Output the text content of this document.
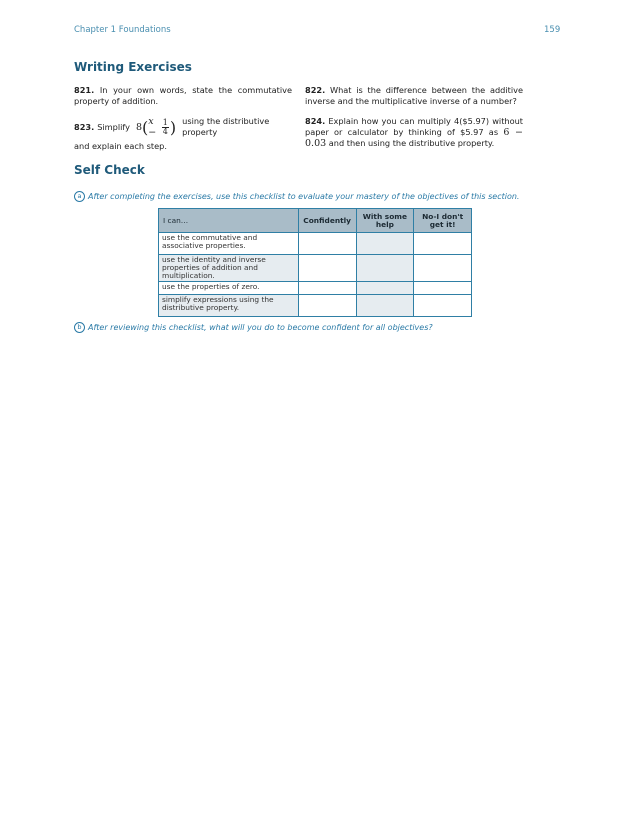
Chapter 1 Foundations	159
Writing Exercises
821. In your own words, state the commutative property of addition.
822. What is the difference between the additive inverse and the multiplicative inverse of a number?
823. Simplify 8 ( $x - \frac{1}{4}$ ) using the distributive property
and explain each step.
824. Explain how you can multiply 4($5.97) without paper or calculator by thinking of $5.97 as 6 − 0.03 and then using the distributive property.
Self Check
a After completing the exercises, use this checklist to evaluate your mastery of the objectives of this section.
I can…	Confidently	With some help	No-I don't get it!
use the commutative and associative properties.			
use the identity and inverse properties of addition and multiplication.			
use the properties of zero.			
simplify expressions using the distributive property.			
b After reviewing this checklist, what will you do to become confident for all objectives?
